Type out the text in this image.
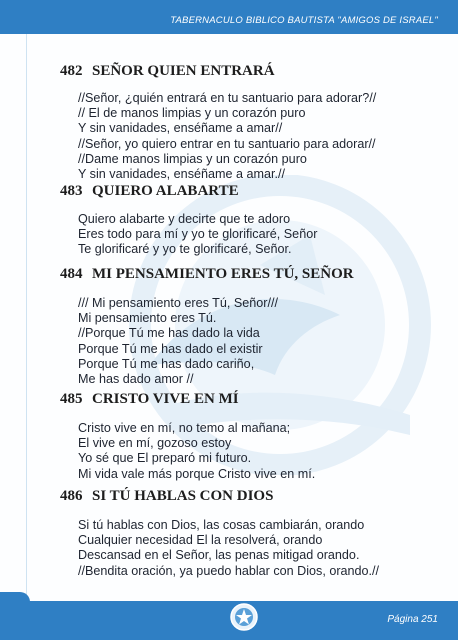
TABERNACULO BIBLICO BAUTISTA "AMIGOS DE ISRAEL"
482 SEÑOR QUIEN ENTRARÁ
//Señor, ¿quién entrará en tu santuario para adorar?//
// El de manos limpias y un corazón puro
Y sin vanidades, enséñame a amar//
//Señor, yo quiero entrar en tu santuario para adorar//
//Dame manos limpias y un corazón puro
Y sin vanidades, enséñame a amar.//
483 QUIERO ALABARTE
Quiero alabarte y decirte que te adoro
Eres todo para mí y yo te glorificaré, Señor
Te glorificaré y yo te glorificaré, Señor.
484 MI PENSAMIENTO ERES TÚ, SEÑOR
/// Mi pensamiento eres Tú, Señor///
Mi pensamiento eres Tú.
//Porque Tú me has dado la vida
Porque Tú me has dado el existir
Porque Tú me has dado cariño,
Me has dado amor //
485 CRISTO VIVE EN MÍ
Cristo vive en mí, no temo al mañana;
El vive en mí, gozoso estoy
Yo sé que El preparó mi futuro.
Mi vida vale más porque Cristo vive en mí.
486 SI TÚ HABLAS CON DIOS
Si tú hablas con Dios, las cosas cambiarán, orando
Cualquier necesidad El la resolverá, orando
Descansad en el Señor, las penas mitigad orando.
//Bendita oración, ya puedo hablar con Dios, orando.//
Página 251
